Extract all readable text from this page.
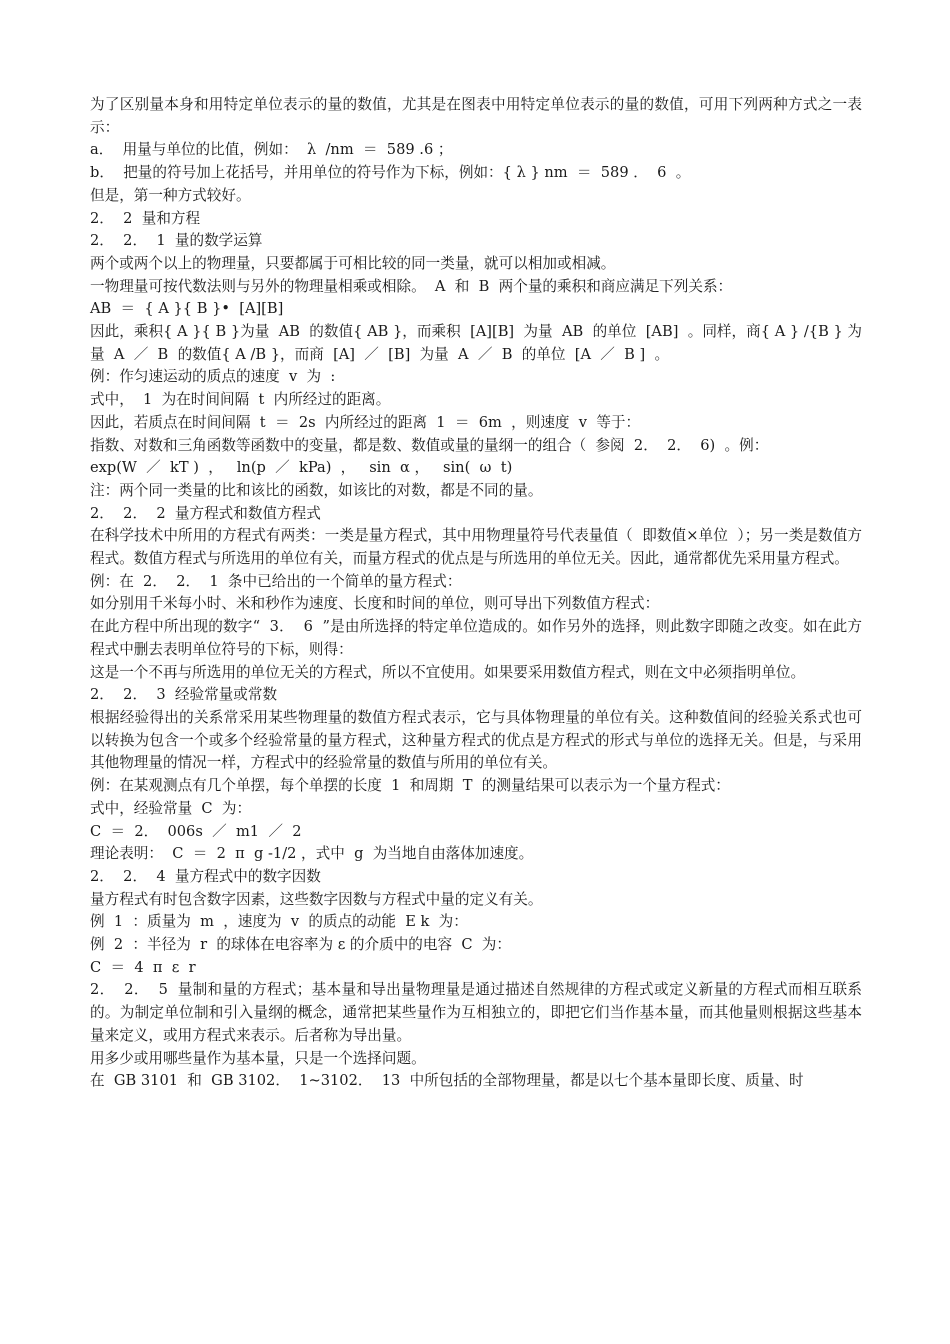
为了区别量本身和用特定单位表示的量的数值，尤其是在图表中用特定单位表示的量的数值，可用下列两种方式之一表示：

a．  用量与单位的比值，例如：  λ  /nm  ＝  589 .6 ；

b．  把量的符号加上花括号，并用单位的符号作为下标，例如：{ λ } nm  ＝  589 ．  6  。

但是，第一种方式较好。

2．  2  量和方程

2．  2．  1  量的数学运算

两个或两个以上的物理量，只要都属于可相比较的同一类量，就可以相加或相减。

一物理量可按代数法则与另外的物理量相乘或相除。  A  和  B  两个量的乘积和商应满足下列关系：

AB  ＝  { A }{ B }•  [A][B]

因此，乘积{ A }{ B }为量  AB  的数值{ AB }，而乘积  [A][B]  为量  AB  的单位  [AB]  。同样，商{ A } /{B } 为量  A  ／  B  的数值{ A /B }，而商  [A]  ／  [B]  为量  A  ／  B  的单位  [A  ／  B ]  。

例：作匀速运动的质点的速度  v  为  :

式中，  1  为在时间间隔  t  内所经过的距离。

因此，若质点在时间间隔  t  ＝  2s  内所经过的距离  1  ＝  6m  ，则速度  v  等于：

指数、对数和三角函数等函数中的变量，都是数、数值或量的量纲一的组合（  参阅  2．  2．  6)  。例：

exp(W  ／  kT )  ，   ln(p  ／  kPa)  ，   sin  α ，   sin(  ω  t)

注：两个同一类量的比和该比的函数，如该比的对数，都是不同的量。

2．  2．  2  量方程式和数值方程式

在科学技术中所用的方程式有两类：一类是量方程式，其中用物理量符号代表量值（  即数值×单位  ）；另一类是数值方程式。数值方程式与所选用的单位有关，而量方程式的优点是与所选用的单位无关。因此，通常都优先采用量方程式。

例：在  2．  2．  1  条中已给出的一个简单的量方程式：

如分别用千米每小时、米和秒作为速度、长度和时间的单位，则可导出下列数值方程式：

在此方程中所出现的数字“  3．  6  ”是由所选择的特定单位造成的。如作另外的选择，则此数字即随之改变。如在此方程式中删去表明单位符号的下标，则得：

这是一个不再与所选用的单位无关的方程式，所以不宜使用。如果要采用数值方程式，则在文中必须指明单位。

2．  2．  3  经验常量或常数

根据经验得出的关系常采用某些物理量的数值方程式表示，它与具体物理量的单位有关。这种数值间的经验关系式也可以转换为包含一个或多个经验常量的量方程式，这种量方程式的优点是方程式的形式与单位的选择无关。但是，与采用其他物理量的情况一样，方程式中的经验常量的数值与所用的单位有关。

例：在某观测点有几个单摆，每个单摆的长度  1  和周期  T  的测量结果可以表示为一个量方程式：

式中，经验常量  C  为：

C  ＝  2．  006s  ／  m1  ／  2

理论表明：  C  ＝  2  π  g -1/2 ，式中  g  为当地自由落体加速度。

2．  2．  4  量方程式中的数字因数

量方程式有时包含数字因素，这些数字因数与方程式中量的定义有关。

例  1  ：质量为  m  ，速度为  v  的质点的动能  E k  为：

例  2  ：半径为  r  的球体在电容率为 ε 的介质中的电容  C  为：

C  ＝  4  π  ε  r

2．  2．  5  量制和量的方程式；基本量和导出量物理量是通过描述自然规律的方程式或定义新量的方程式而相互联系的。为制定单位制和引入量纲的概念，通常把某些量作为互相独立的，即把它们当作基本量，而其他量则根据这些基本量来定义，或用方程式来表示。后者称为导出量。

用多少或用哪些量作为基本量，只是一个选择问题。

在  GB 3101  和  GB 3102．  1~3102．  13  中所包括的全部物理量，都是以七个基本量即长度、质量、时
